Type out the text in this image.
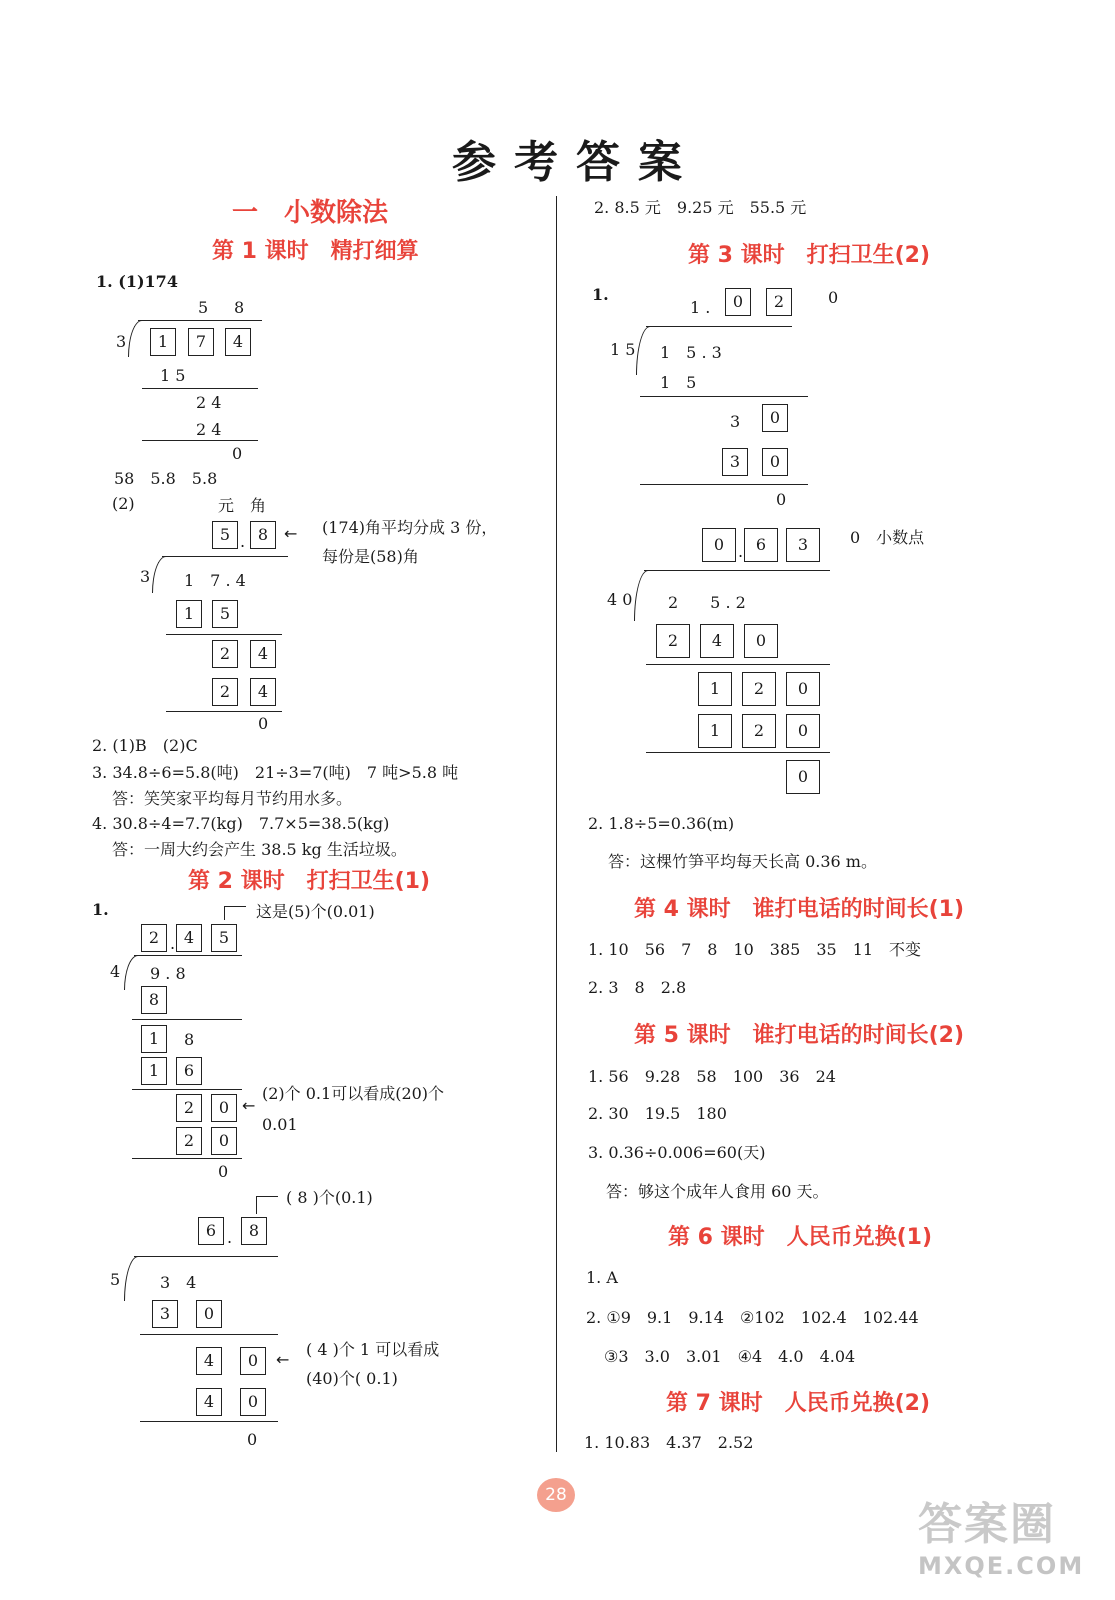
参考答案
一　小数除法
第 1 课时　精打细算
1. (1)174
5 8
3	1	7	4
1 5
2 4
2 4
0
58　5.8　5.8
(2)	元　角
5 . 8 ← (174)角平均分成 3 份，
每份是(58)角
3 1　7 . 4
1	5
2	4
2	4
0
2. (1)B　(2)C
3. 34.8÷6=5.8(吨)　21÷3=7(吨)　7 吨>5.8 吨
答：笑笑家平均每月节约用水多。
4. 30.8÷4=7.7(kg)　7.7×5=38.5(kg)
答：一周大约会产生 38.5 kg 生活垃圾。
第 2 课时　打扫卫生(1)
1.	这是(5)个(0.01)
2	4
.	5
4 9 . 8
8
1	8
1	6
2	0 ←
(2)个 0.1可以看成(20)个
0.01
2	0
0
( 8 )个(0.1)
6 .	8
5 3　4
3	0
4	0	←
( 4 )个 1 可以看成
(40)个( 0.1)
4	0
0
2. 8.5 元　9.25 元　55.5 元
第 3 课时　打扫卫生(2)
1.
1 .	0	2	0
1 5 1　5 . 3
1　5
3	0
3	0
0
0 . 6	3	0　小数点
4 0 2　　5 . 2
2	4	0
1	2	0
1	2	0
0
2. 1.8÷5=0.36(m)
答：这棵竹笋平均每天长高 0.36 m。
第 4 课时　谁打电话的时间长(1)
1. 10　56　7　8　10　385　35　11　不变
2. 3　8　2.8
第 5 课时　谁打电话的时间长(2)
1. 56　9.28　58　100　36　24
2. 30　19.5　180
3. 0.36÷0.006=60(天)
答：够这个成年人食用 60 天。
第 6 课时　人民币兑换(1)
1. A
2. ①9　9.1　9.14　②102　102.4　102.44
③3　3.0　3.01　④4　4.0　4.04
第 7 课时　人民币兑换(2)
1. 10.83　4.37　2.52
28
答案圈
MXQE.COM
